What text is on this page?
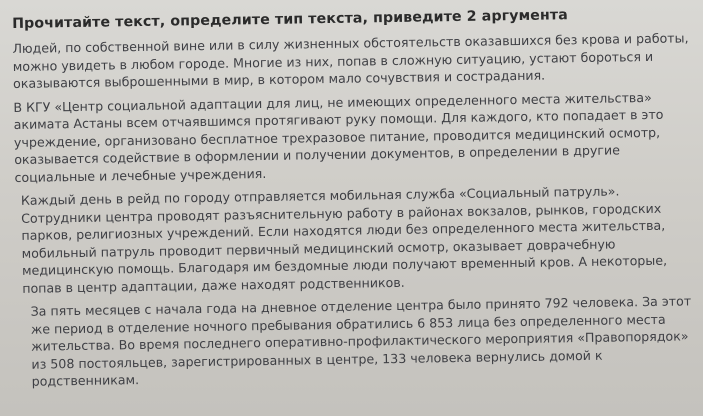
Прочитайте текст, определите тип текста, приведите 2 аргумента

Людей, по собственной вине или в силу жизненных обстоятельств оказавшихся без крова и работы, можно увидеть в любом городе. Многие из них, попав в сложную ситуацию, устают бороться и оказываются выброшенными в мир, в котором мало сочувствия и сострадания.

В КГУ «Центр социальной адаптации для лиц, не имеющих определенного места жительства» акимата Астаны всем отчаявшимся протягивают руку помощи. Для каждого, кто попадает в это учреждение, организовано бесплатное трехразовое питание, проводится медицинский осмотр, оказывается содействие в оформлении и получении документов, в определении в другие социальные и лечебные учреждения.

Каждый день в рейд по городу отправляется мобильная служба «Социальный патруль». Сотрудники центра проводят разъяснительную работу в районах вокзалов, рынков, городских парков, религиозных учреждений. Если находятся люди без определенного места жительства, мобильный патруль проводит первичный медицинский осмотр, оказывает доврачебную медицинскую помощь. Благодаря им бездомные люди получают временный кров. А некоторые, попав в центр адаптации, даже находят родственников.

За пять месяцев с начала года на дневное отделение центра было принято 792 человека. За этот же период в отделение ночного пребывания обратились 6 853 лица без определенного места жительства. Во время последнего оперативно-профилактического мероприятия «Правопорядок» из 508 постояльцев, зарегистрированных в центре, 133 человека вернулись домой к родственникам.
